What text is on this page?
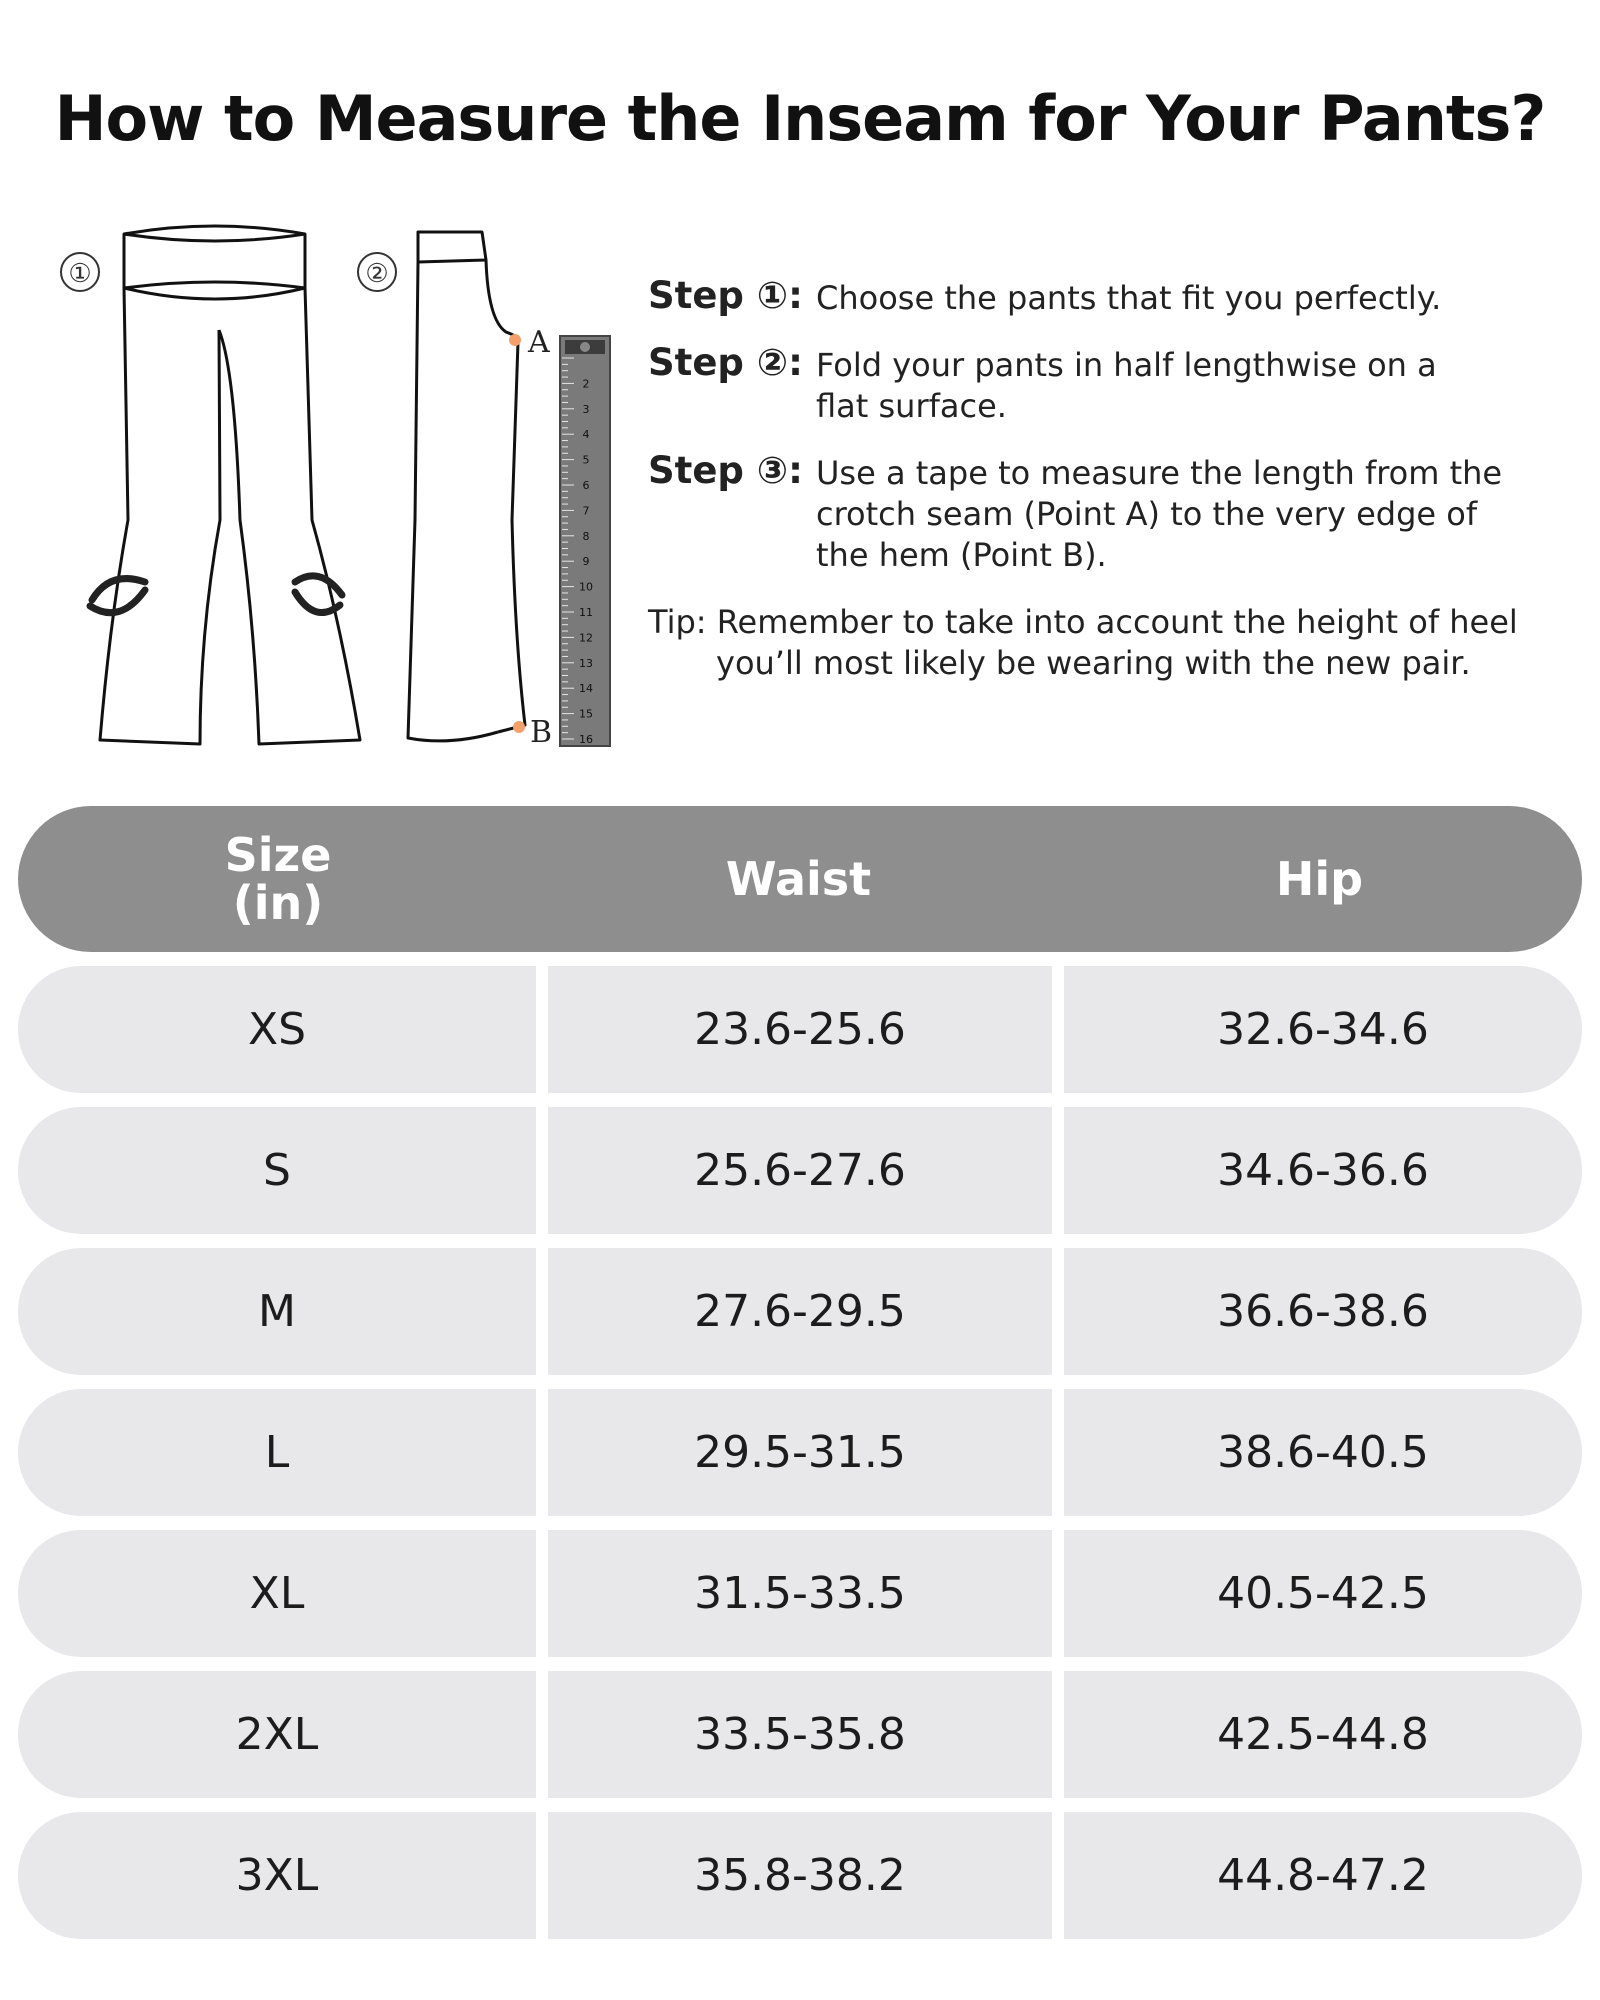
How to Measure the Inseam for Your Pants?
①	②
A
B
2
3
4
5
6
7
8
9
10
11
12
13
14
15
16
Step ①: Choose the pants that fit you perfectly.
Step ②: Fold your pants in half lengthwise on a
flat surface.
Step ③: Use a tape to measure the length from the
crotch seam (Point A) to the very edge of
the hem (Point B).
Tip: Remember to take into account the height of heel
you’ll most likely be wearing with the new pair.
Size
(in)	Waist	Hip
XS	23.6-25.6	32.6-34.6
S	25.6-27.6	34.6-36.6
M	27.6-29.5	36.6-38.6
L	29.5-31.5	38.6-40.5
XL	31.5-33.5	40.5-42.5
2XL	33.5-35.8	42.5-44.8
3XL	35.8-38.2	44.8-47.2
